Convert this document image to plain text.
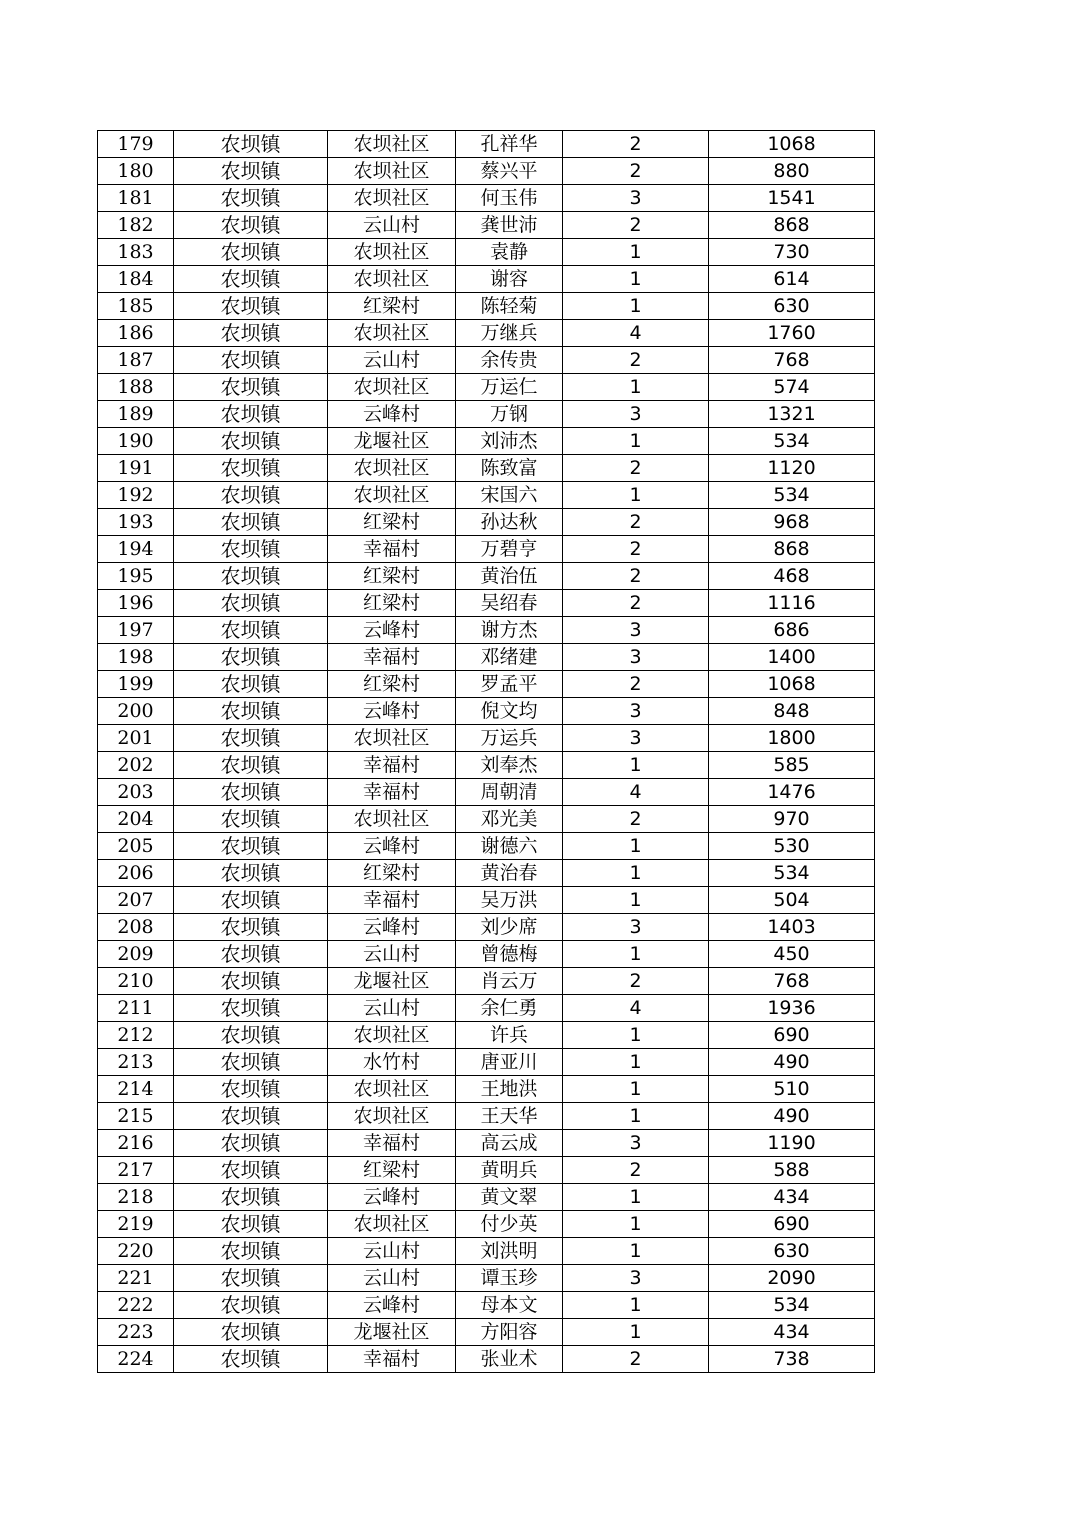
179	农坝镇	农坝社区	孔祥华	2	1068
180	农坝镇	农坝社区	蔡兴平	2	880
181	农坝镇	农坝社区	何玉伟	3	1541
182	农坝镇	云山村	龚世沛	2	868
183	农坝镇	农坝社区	袁静	1	730
184	农坝镇	农坝社区	谢容	1	614
185	农坝镇	红梁村	陈轻菊	1	630
186	农坝镇	农坝社区	万继兵	4	1760
187	农坝镇	云山村	余传贵	2	768
188	农坝镇	农坝社区	万运仁	1	574
189	农坝镇	云峰村	万钢	3	1321
190	农坝镇	龙堰社区	刘沛杰	1	534
191	农坝镇	农坝社区	陈致富	2	1120
192	农坝镇	农坝社区	宋国六	1	534
193	农坝镇	红梁村	孙达秋	2	968
194	农坝镇	幸福村	万碧亨	2	868
195	农坝镇	红梁村	黄治伍	2	468
196	农坝镇	红梁村	吴绍春	2	1116
197	农坝镇	云峰村	谢方杰	3	686
198	农坝镇	幸福村	邓绪建	3	1400
199	农坝镇	红梁村	罗孟平	2	1068
200	农坝镇	云峰村	倪文均	3	848
201	农坝镇	农坝社区	万运兵	3	1800
202	农坝镇	幸福村	刘奉杰	1	585
203	农坝镇	幸福村	周朝清	4	1476
204	农坝镇	农坝社区	邓光美	2	970
205	农坝镇	云峰村	谢德六	1	530
206	农坝镇	红梁村	黄治春	1	534
207	农坝镇	幸福村	吴万洪	1	504
208	农坝镇	云峰村	刘少席	3	1403
209	农坝镇	云山村	曾德梅	1	450
210	农坝镇	龙堰社区	肖云万	2	768
211	农坝镇	云山村	余仁勇	4	1936
212	农坝镇	农坝社区	许兵	1	690
213	农坝镇	水竹村	唐亚川	1	490
214	农坝镇	农坝社区	王地洪	1	510
215	农坝镇	农坝社区	王天华	1	490
216	农坝镇	幸福村	高云成	3	1190
217	农坝镇	红梁村	黄明兵	2	588
218	农坝镇	云峰村	黄文翠	1	434
219	农坝镇	农坝社区	付少英	1	690
220	农坝镇	云山村	刘洪明	1	630
221	农坝镇	云山村	谭玉珍	3	2090
222	农坝镇	云峰村	母本文	1	534
223	农坝镇	龙堰社区	方阳容	1	434
224	农坝镇	幸福村	张业术	2	738
